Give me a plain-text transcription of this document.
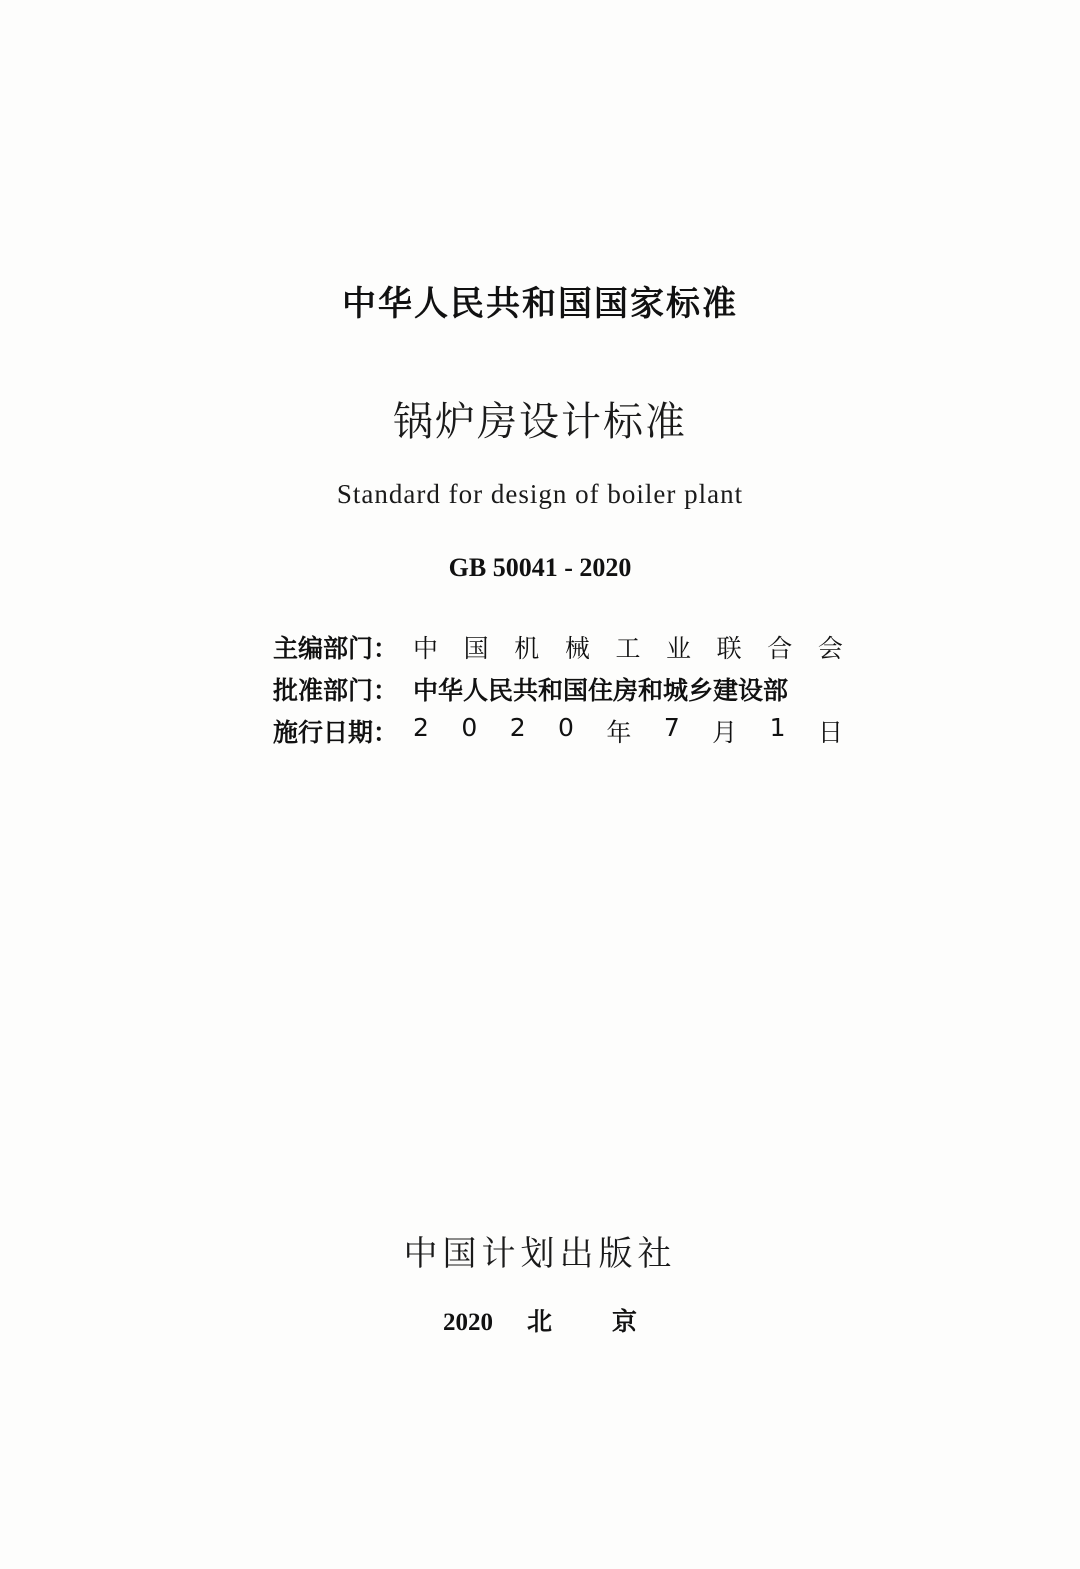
中华人民共和国国家标准
锅炉房设计标准
Standard for design of boiler plant
GB 50041 - 2020
主编部门： 中 国 机 械 工 业 联 合 会
批准部门： 中华人民共和国住房和城乡建设部
施行日期： 2 0 2 0 年 7 月 1 日
中国计划出版社
2020 北 京
